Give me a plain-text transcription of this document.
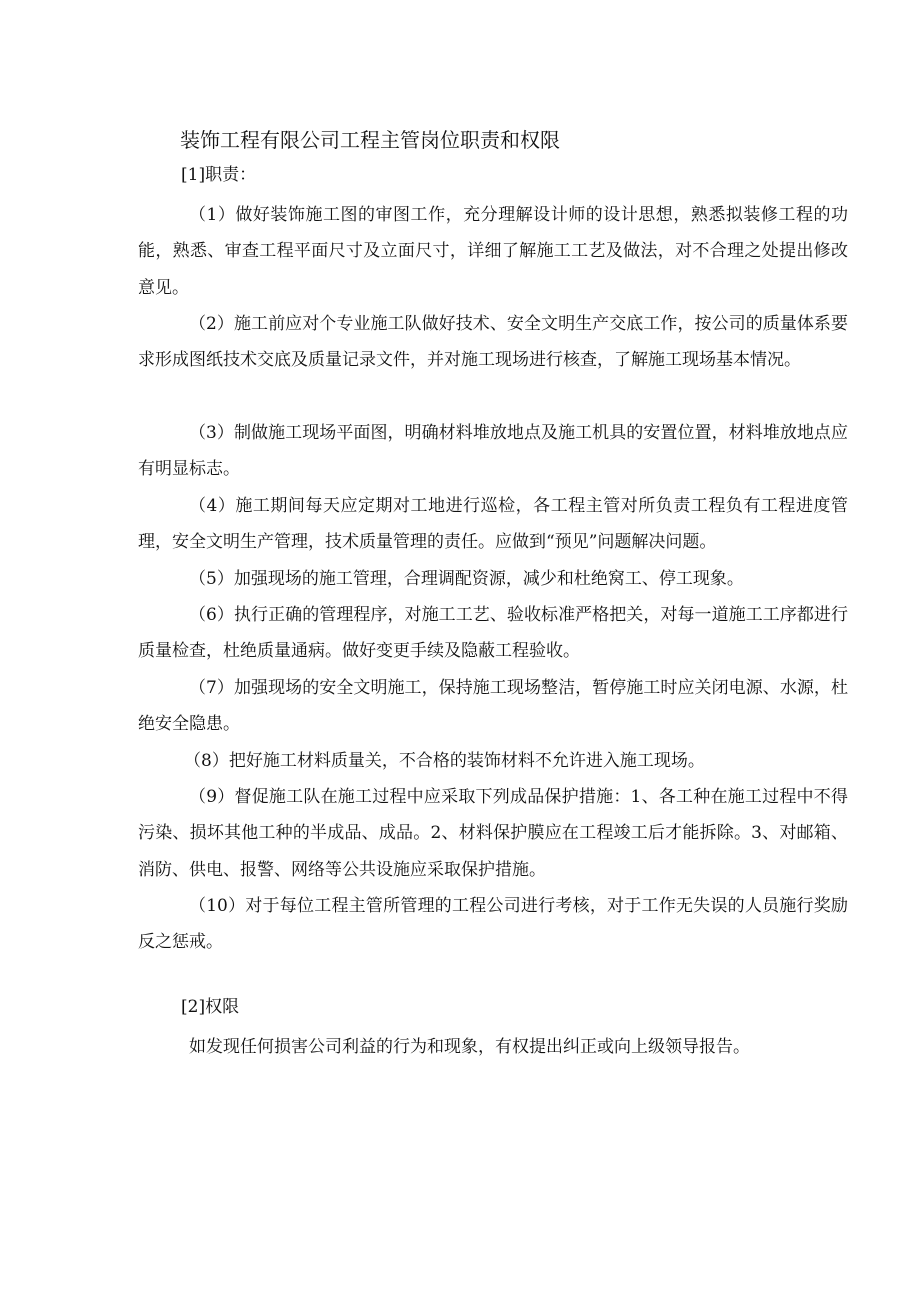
装饰工程有限公司工程主管岗位职责和权限
[1]职责：

（1）做好装饰施工图的审图工作，充分理解设计师的设计思想，熟悉拟装修工程的功能，熟悉、审查工程平面尺寸及立面尺寸，详细了解施工工艺及做法，对不合理之处提出修改意见。

（2）施工前应对个专业施工队做好技术、安全文明生产交底工作，按公司的质量体系要求形成图纸技术交底及质量记录文件，并对施工现场进行核查，了解施工现场基本情况。

（3）制做施工现场平面图，明确材料堆放地点及施工机具的安置位置，材料堆放地点应有明显标志。

（4）施工期间每天应定期对工地进行巡检，各工程主管对所负责工程负有工程进度管理，安全文明生产管理，技术质量管理的责任。应做到“预见”问题解决问题。

（5）加强现场的施工管理，合理调配资源，减少和杜绝窝工、停工现象。

（6）执行正确的管理程序，对施工工艺、验收标准严格把关，对每一道施工工序都进行质量检查，杜绝质量通病。做好变更手续及隐蔽工程验收。

（7）加强现场的安全文明施工，保持施工现场整洁，暂停施工时应关闭电源、水源，杜绝安全隐患。

（8）把好施工材料质量关，不合格的装饰材料不允许进入施工现场。

（9）督促施工队在施工过程中应采取下列成品保护措施：1、各工种在施工过程中不得污染、损坏其他工种的半成品、成品。2、材料保护膜应在工程竣工后才能拆除。3、对邮箱、消防、供电、报警、网络等公共设施应采取保护措施。

（10）对于每位工程主管所管理的工程公司进行考核，对于工作无失误的人员施行奖励反之惩戒。

[2]权限

如发现任何损害公司利益的行为和现象，有权提出纠正或向上级领导报告。
